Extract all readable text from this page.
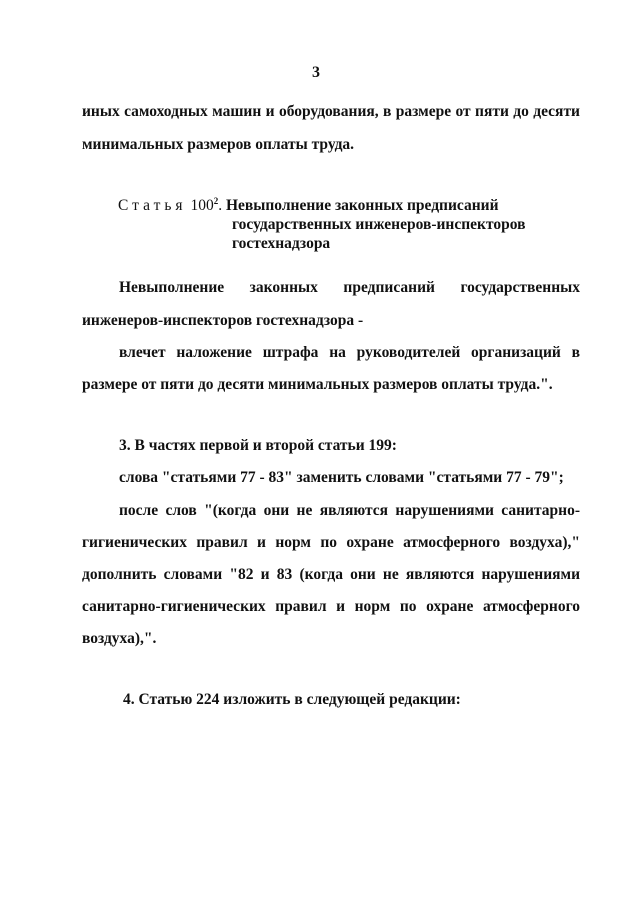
3
иных самоходных машин и оборудования, в размере от пяти до десяти
минимальных размеров оплаты труда.
Статья $100^2$. Невыполнение законных предписаний
государственных инженеров-инспекторов
гостехнадзора
Невыполнение законных предписаний государственных
инженеров-инспекторов гостехнадзора -
влечет наложение штрафа на руководителей организаций в
размере от пяти до десяти минимальных размеров оплаты труда.".
3. В частях первой и второй статьи 199:
слова "статьями 77 - 83" заменить словами "статьями 77 - 79";
после слов "(когда они не являются нарушениями санитарно-
гигиенических правил и норм по охране атмосферного воздуха),"
дополнить словами "82 и 83 (когда они не являются нарушениями
санитарно-гигиенических правил и норм по охране атмосферного
воздуха),".
4. Статью 224 изложить в следующей редакции:
